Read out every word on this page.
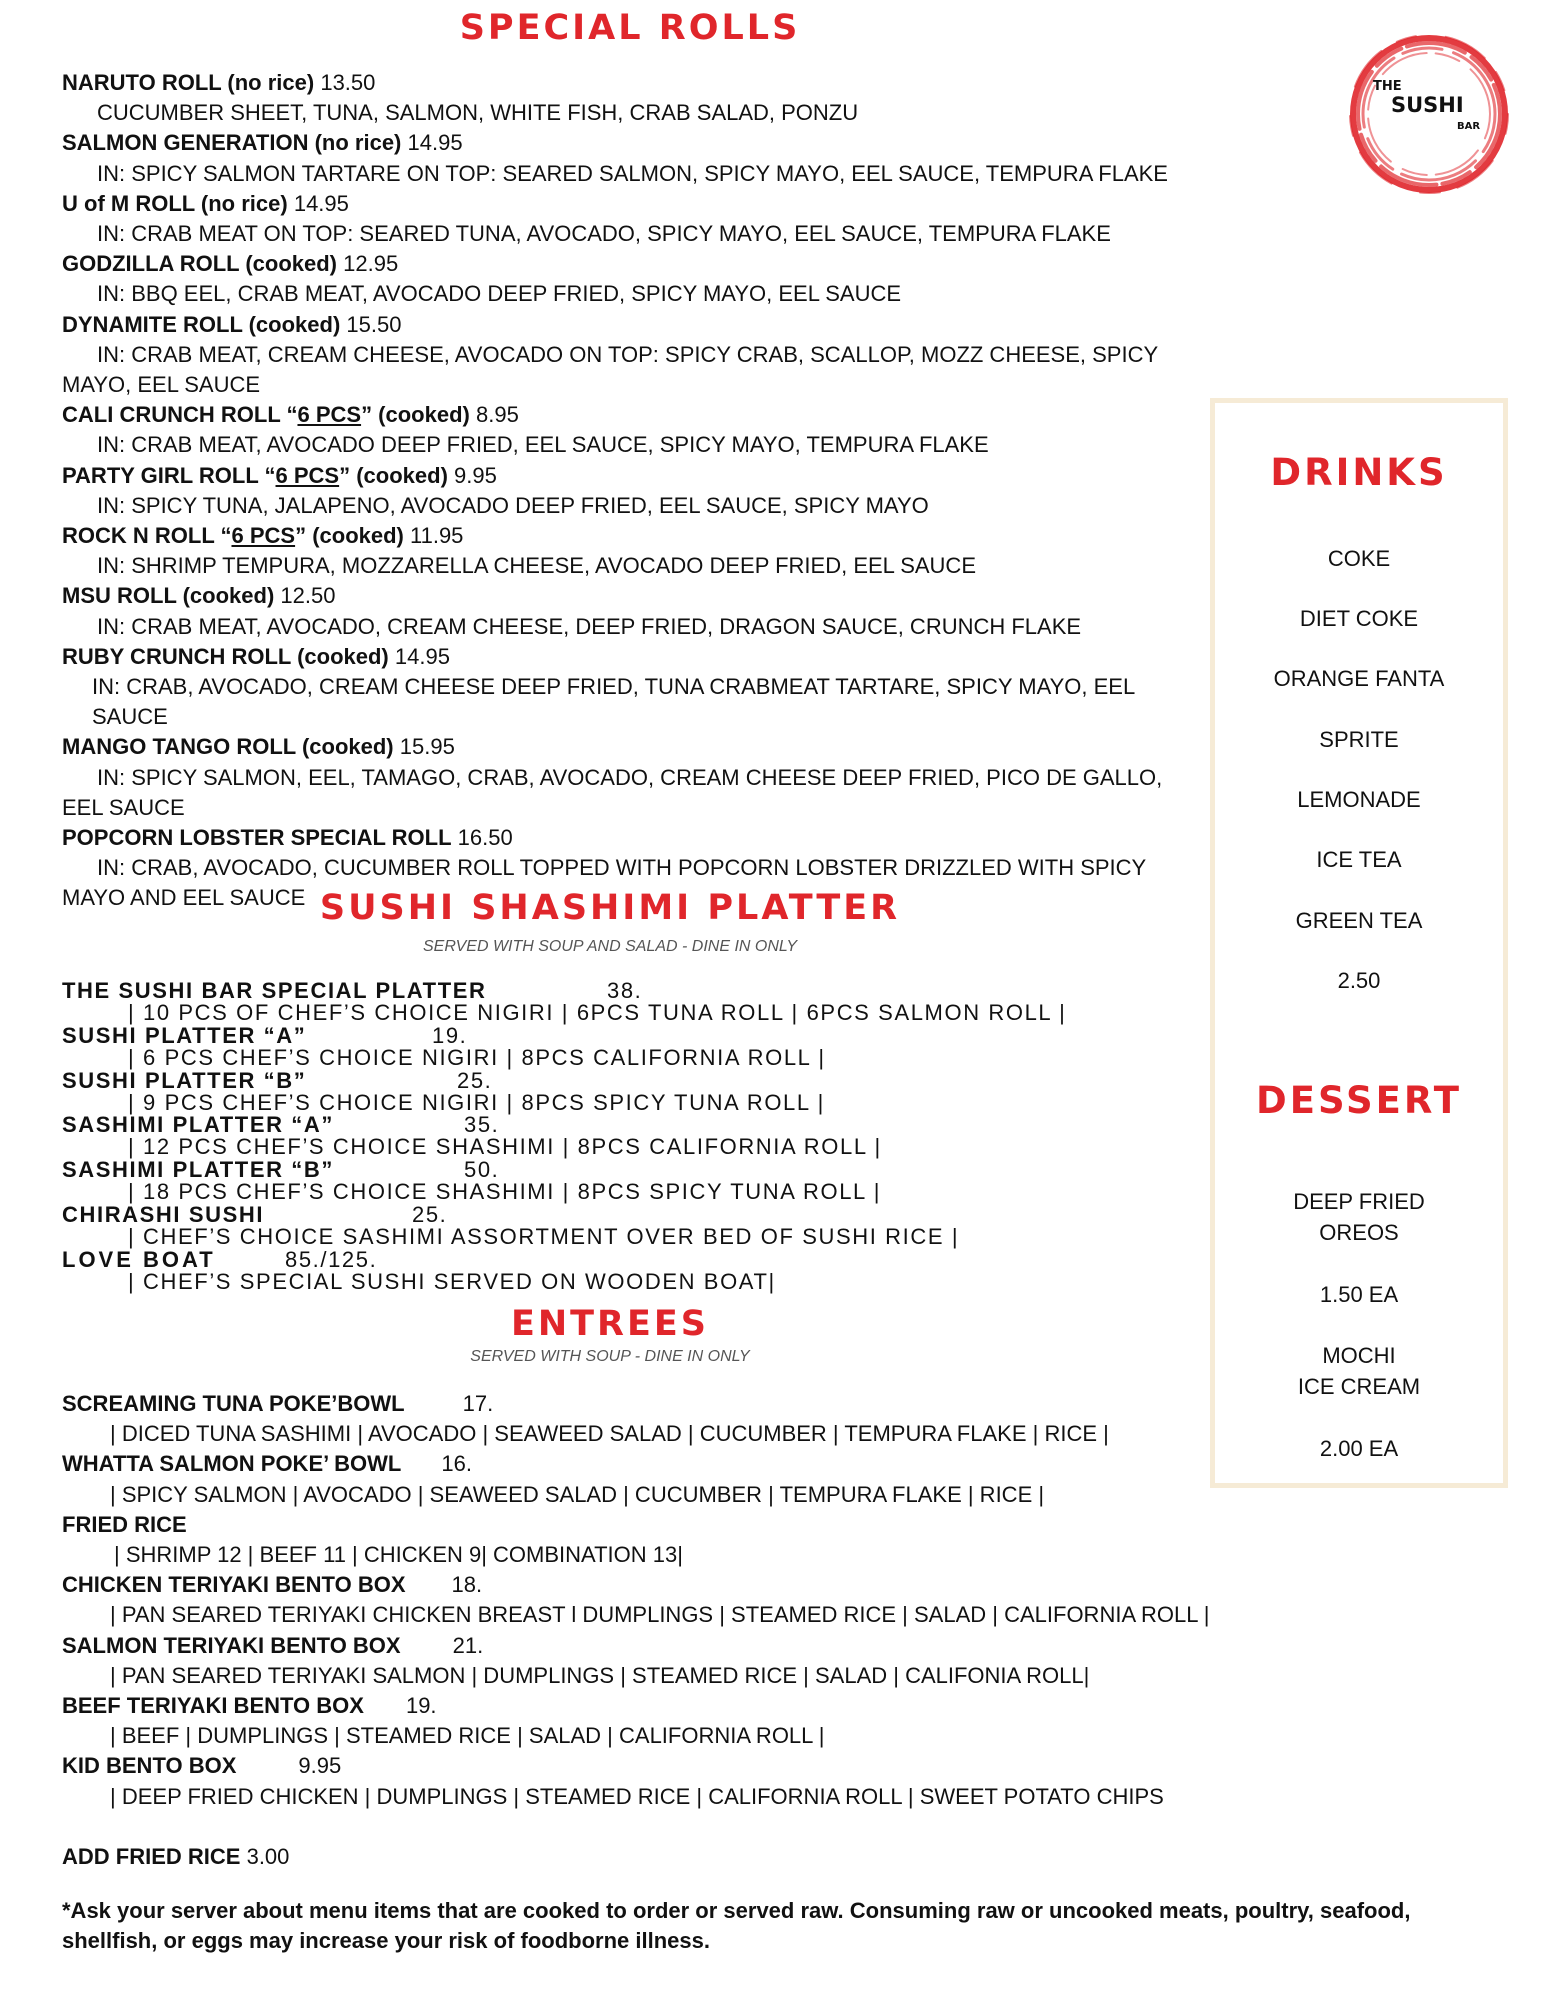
SPECIAL ROLLS
NARUTO ROLL (no rice) 13.50
CUCUMBER SHEET, TUNA, SALMON, WHITE FISH, CRAB SALAD, PONZU
SALMON GENERATION (no rice) 14.95
IN: SPICY SALMON TARTARE ON TOP: SEARED SALMON, SPICY MAYO, EEL SAUCE, TEMPURA FLAKE
U of M ROLL (no rice) 14.95
IN: CRAB MEAT ON TOP: SEARED TUNA, AVOCADO, SPICY MAYO, EEL SAUCE, TEMPURA FLAKE
GODZILLA ROLL (cooked) 12.95
IN: BBQ EEL, CRAB MEAT, AVOCADO DEEP FRIED, SPICY MAYO, EEL SAUCE
DYNAMITE ROLL (cooked) 15.50
IN: CRAB MEAT, CREAM CHEESE, AVOCADO ON TOP: SPICY CRAB, SCALLOP, MOZZ CHEESE, SPICY MAYO, EEL SAUCE
CALI CRUNCH ROLL “6 PCS” (cooked) 8.95
IN: CRAB MEAT, AVOCADO DEEP FRIED, EEL SAUCE, SPICY MAYO, TEMPURA FLAKE
PARTY GIRL ROLL “6 PCS” (cooked) 9.95
IN: SPICY TUNA, JALAPENO, AVOCADO DEEP FRIED, EEL SAUCE, SPICY MAYO
ROCK N ROLL “6 PCS” (cooked) 11.95
IN: SHRIMP TEMPURA, MOZZARELLA CHEESE, AVOCADO DEEP FRIED, EEL SAUCE
MSU ROLL (cooked) 12.50
IN: CRAB MEAT, AVOCADO, CREAM CHEESE, DEEP FRIED, DRAGON SAUCE, CRUNCH FLAKE
RUBY CRUNCH ROLL (cooked) 14.95
IN: CRAB, AVOCADO, CREAM CHEESE DEEP FRIED, TUNA CRABMEAT TARTARE, SPICY MAYO, EEL SAUCE
MANGO TANGO ROLL (cooked) 15.95
IN: SPICY SALMON, EEL, TAMAGO, CRAB, AVOCADO, CREAM CHEESE DEEP FRIED, PICO DE GALLO, EEL SAUCE
POPCORN LOBSTER SPECIAL ROLL 16.50
IN: CRAB, AVOCADO, CUCUMBER ROLL TOPPED WITH POPCORN LOBSTER DRIZZLED WITH SPICY MAYO AND EEL SAUCE SUSHI SHASHIMI PLATTER

SERVED WITH SOUP AND SALAD - DINE IN ONLY

THE SUSHI BAR SPECIAL PLATTER	38.
| 10 PCS OF CHEF’S CHOICE NIGIRI | 6PCS TUNA ROLL | 6PCS SALMON ROLL |
SUSHI PLATTER “A”	19.
| 6 PCS CHEF’S CHOICE NIGIRI | 8PCS CALIFORNIA ROLL |
SUSHI PLATTER “B”	25.
| 9 PCS CHEF’S CHOICE NIGIRI | 8PCS SPICY TUNA ROLL |
SASHIMI PLATTER “A”	35.
| 12 PCS CHEF’S CHOICE SHASHIMI | 8PCS CALIFORNIA ROLL |
SASHIMI PLATTER “B”	50.
| 18 PCS CHEF’S CHOICE SHASHIMI | 8PCS SPICY TUNA ROLL |
CHIRASHI SUSHI	25.
| CHEF’S CHOICE SASHIMI ASSORTMENT OVER BED OF SUSHI RICE |
LOVE BOAT	85./125.
| CHEF’S SPECIAL SUSHI SERVED ON WOODEN BOAT|
ENTREES

SERVED WITH SOUP - DINE IN ONLY

SCREAMING TUNA POKE’BOWL	17.
| DICED TUNA SASHIMI | AVOCADO | SEAWEED SALAD | CUCUMBER | TEMPURA FLAKE | RICE |
WHATTA SALMON POKE’ BOWL 16.
| SPICY SALMON | AVOCADO | SEAWEED SALAD | CUCUMBER | TEMPURA FLAKE | RICE |
FRIED RICE
| SHRIMP 12 | BEEF 11 | CHICKEN 9| COMBINATION 13|
CHICKEN TERIYAKI BENTO BOX 18.
| PAN SEARED TERIYAKI CHICKEN BREAST l DUMPLINGS | STEAMED RICE | SALAD | CALIFORNIA ROLL |
SALMON TERIYAKI BENTO BOX 21.
| PAN SEARED TERIYAKI SALMON | DUMPLINGS | STEAMED RICE | SALAD | CALIFONIA ROLL|
BEEF TERIYAKI BENTO BOX 19.
| BEEF | DUMPLINGS | STEAMED RICE | SALAD | CALIFORNIA ROLL |
KID BENTO BOX	9.95
| DEEP FRIED CHICKEN | DUMPLINGS | STEAMED RICE | CALIFORNIA ROLL | SWEET POTATO CHIPS
ADD FRIED RICE 3.00
*Ask your server about menu items that are cooked to order or served raw. Consuming raw or uncooked meats, poultry, seafood, shellfish, or eggs may increase your risk of foodborne illness.
DRINKS
COKE
DIET COKE
ORANGE FANTA
SPRITE
LEMONADE
ICE TEA
GREEN TEA
2.50
DESSERT
DEEP FRIED
OREOS
1.50 EA
MOCHI
ICE CREAM
2.00 EA
THE
SUSHI
BAR
